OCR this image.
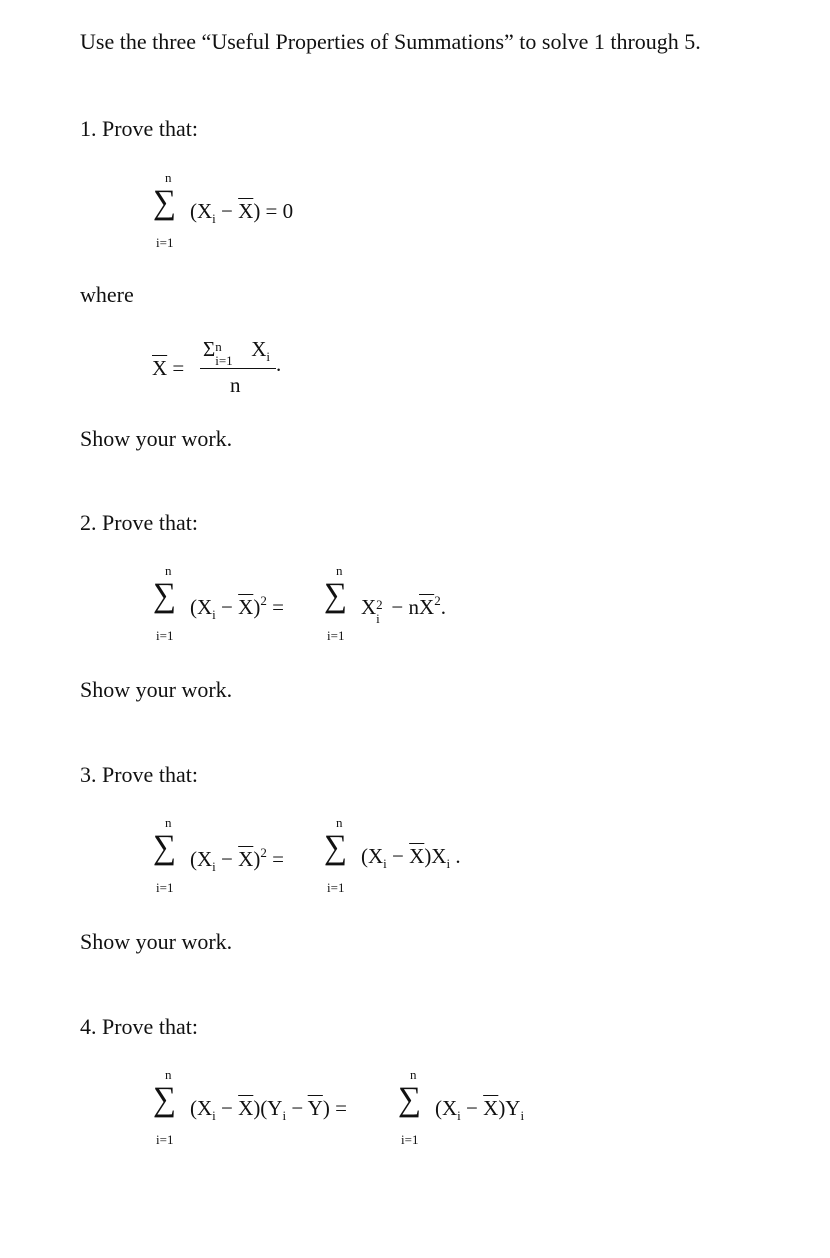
Use the three “Useful Properties of Summations” to solve 1 through 5.
1. Prove that:
n
∑
i=1
$(X_i - \overline{X}) = 0$
where
$\overline{X}$ =
Σ n
i=1 $X_i$ .
n
Show your work.
2. Prove that:
n
∑
i=1
$(X_i - \overline{X})^2$ =
n
∑
i=1
X 2
$i - n\overline{X}^2$.
Show your work.
3. Prove that:
n
∑
i=1
$(X_i - \overline{X})^2$ =
n
∑
i=1
$(X_i - \overline{X})X_i$ .
Show your work.
4. Prove that:
n
∑
i=1
$(X_i - \overline{X})(Y_i - \overline{Y})$ =
n
∑
i=1
$(X_i - \overline{X})Y_i$
